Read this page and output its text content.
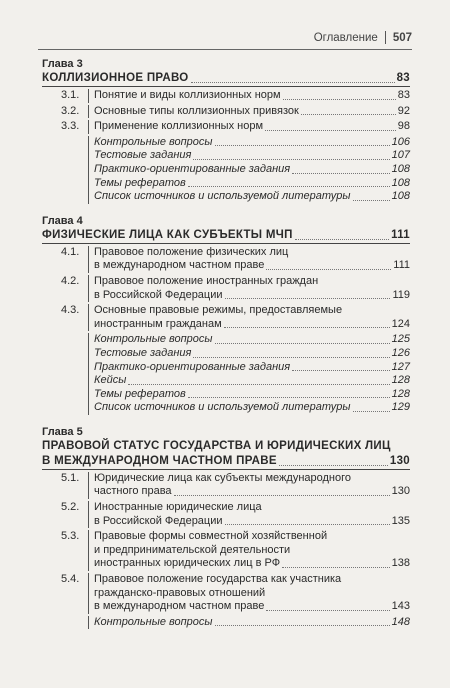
Оглавление 507
Глава 3
КОЛЛИЗИОННОЕ ПРАВО	83
3.1.	Понятие и виды коллизионных норм	83
3.2.	Основные типы коллизионных привязок	92
3.3.	Применение коллизионных норм	98
Контрольные вопросы	106
Тестовые задания	107
Практико-ориентированные задания	108
Темы рефератов	108
Список источников и используемой литературы	108
Глава 4
ФИЗИЧЕСКИЕ ЛИЦА КАК СУБЪЕКТЫ МЧП	111
4.1.	Правовое положение физических лиц
в международном частном праве	111
4.2.	Правовое положение иностранных граждан
в Российской Федерации	119
4.3.	Основные правовые режимы, предоставляемые
иностранным гражданам	124
Контрольные вопросы	125
Тестовые задания	126
Практико-ориентированные задания	127
Кейсы	128
Темы рефератов	128
Список источников и используемой литературы	129
Глава 5
ПРАВОВОЙ СТАТУС ГОСУДАРСТВА И ЮРИДИЧЕСКИХ ЛИЦ
В МЕЖДУНАРОДНОМ ЧАСТНОМ ПРАВЕ	130
5.1.	Юридические лица как субъекты международного
частного права	130
5.2.	Иностранные юридические лица
в Российской Федерации	135
5.3.	Правовые формы совместной хозяйственной
и предпринимательской деятельности
иностранных юридических лиц в РФ	138
5.4.	Правовое положение государства как участника
гражданско-правовых отношений
в международном частном праве	143
Контрольные вопросы	148
